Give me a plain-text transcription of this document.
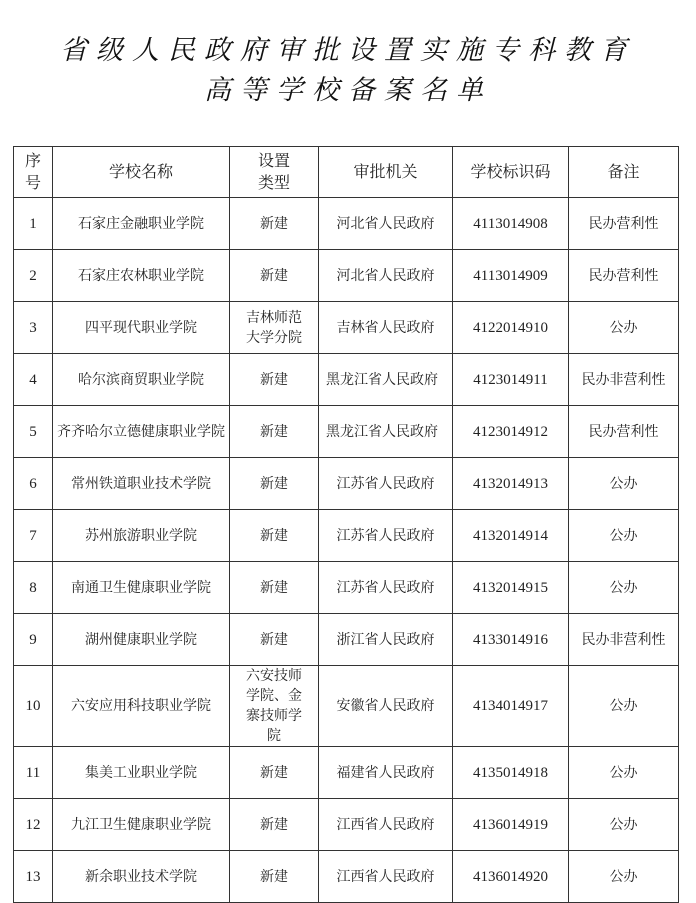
省级人民政府审批设置实施专科教育
高等学校备案名单
序号	学校名称	设置类型	审批机关	学校标识码	备注
1	石家庄金融职业学院	新建	河北省人民政府	4113014908	民办营利性
2	石家庄农林职业学院	新建	河北省人民政府	4113014909	民办营利性
3	四平现代职业学院	吉林师范大学分院	吉林省人民政府	4122014910	公办
4	哈尔滨商贸职业学院	新建	黑龙江省人民政府	4123014911	民办非营利性
5	齐齐哈尔立德健康职业学院	新建	黑龙江省人民政府	4123014912	民办营利性
6	常州铁道职业技术学院	新建	江苏省人民政府	4132014913	公办
7	苏州旅游职业学院	新建	江苏省人民政府	4132014914	公办
8	南通卫生健康职业学院	新建	江苏省人民政府	4132014915	公办
9	湖州健康职业学院	新建	浙江省人民政府	4133014916	民办非营利性
10	六安应用科技职业学院	六安技师学院、金寨技师学院	安徽省人民政府	4134014917	公办
11	集美工业职业学院	新建	福建省人民政府	4135014918	公办
12	九江卫生健康职业学院	新建	江西省人民政府	4136014919	公办
13	新余职业技术学院	新建	江西省人民政府	4136014920	公办
